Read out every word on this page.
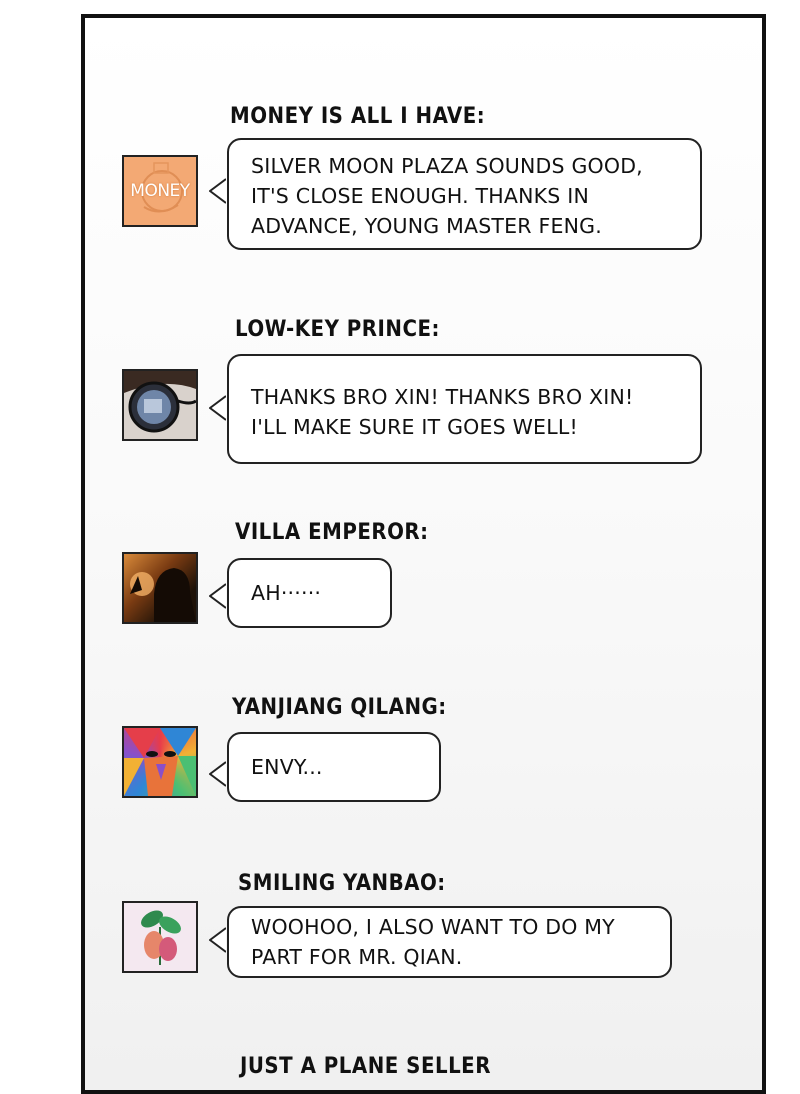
MONEY IS ALL I HAVE:
MONEY
SILVER MOON PLAZA SOUNDS GOOD,
IT'S CLOSE ENOUGH. THANKS IN
ADVANCE, YOUNG MASTER FENG.
LOW-KEY PRINCE:
THANKS BRO XIN! THANKS BRO XIN!
I'LL MAKE SURE IT GOES WELL!
VILLA EMPEROR:
AH······
YANJIANG QILANG:
ENVY...
SMILING YANBAO:
WOOHOO, I ALSO WANT TO DO MY
PART FOR MR. QIAN.
JUST A PLANE SELLER
